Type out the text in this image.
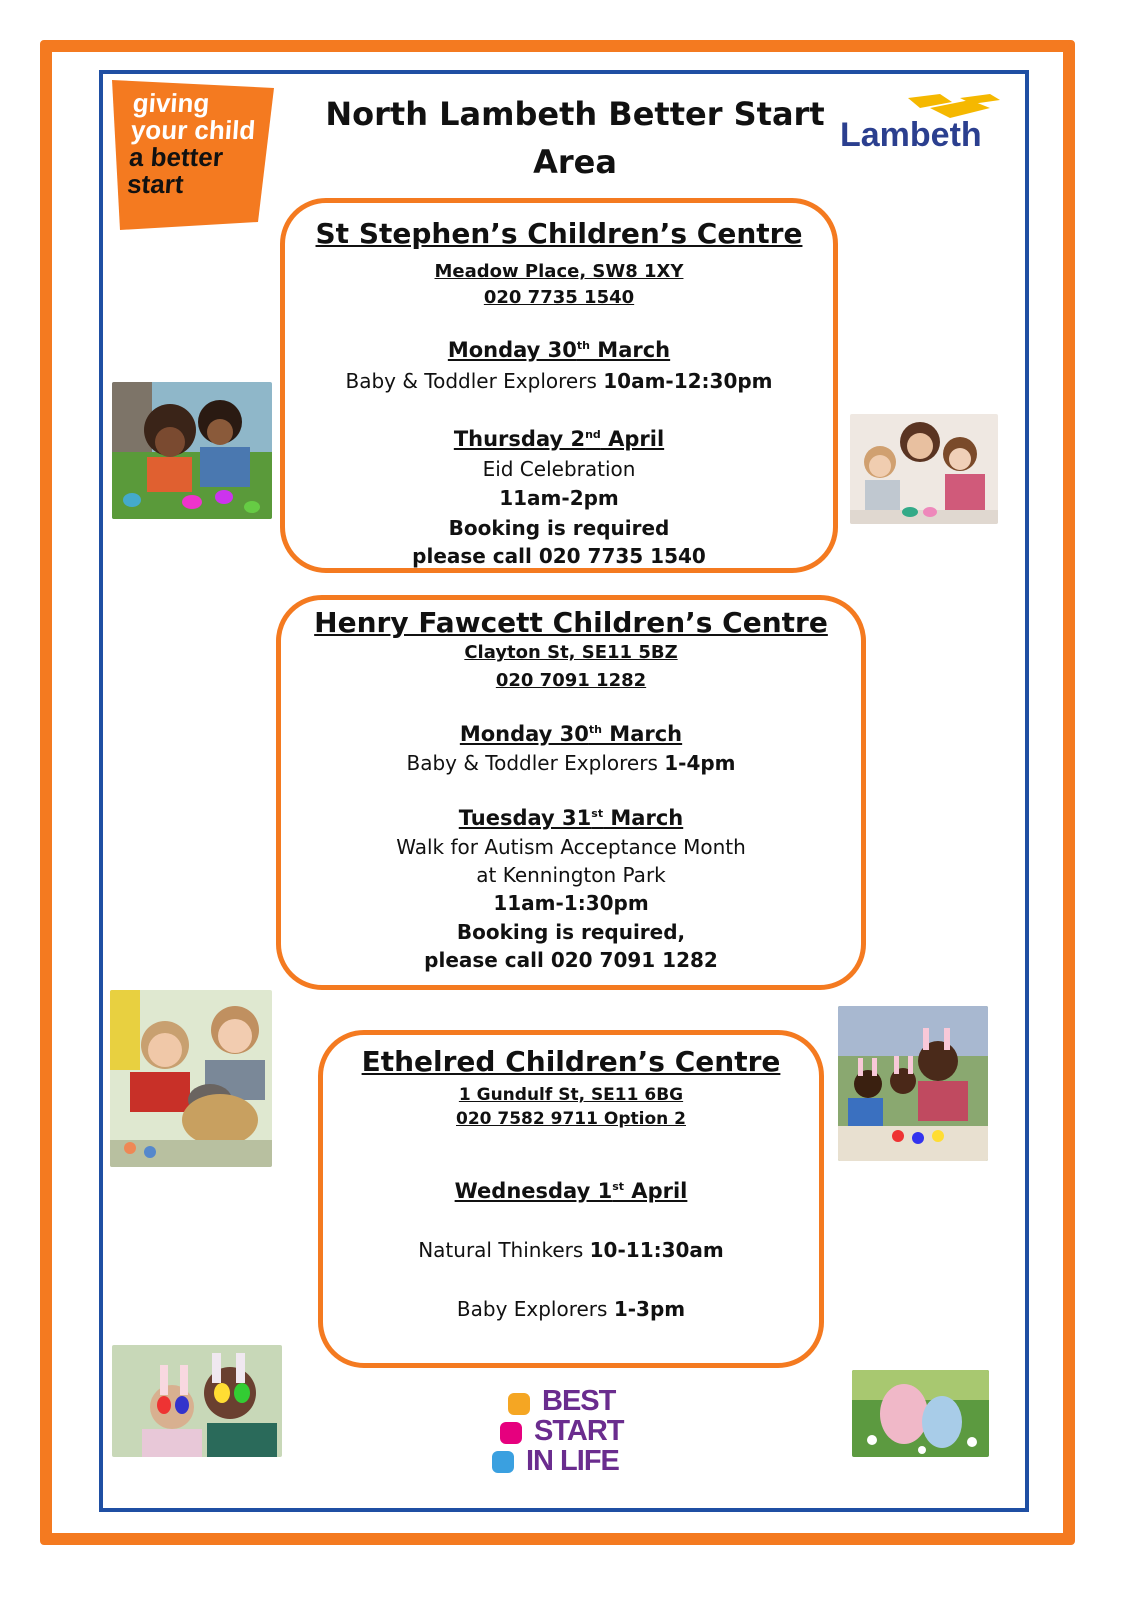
giving
your child
a better
start
North Lambeth Better Start
Area
Lambeth
St Stephen’s Children’s Centre
Meadow Place, SW8 1XY
020 7735 1540
Monday 30th March
Baby & Toddler Explorers 10am-12:30pm
Thursday 2nd April
Eid Celebration
11am-2pm
Booking is required
please call 020 7735 1540
Henry Fawcett Children’s Centre
Clayton St, SE11 5BZ
020 7091 1282
Monday 30th March
Baby & Toddler Explorers 1-4pm
Tuesday 31st March
Walk for Autism Acceptance Month
at Kennington Park
11am-1:30pm
Booking is required,
please call 020 7091 1282
Ethelred Children’s Centre
1 Gundulf St, SE11 6BG
020 7582 9711 Option 2
Wednesday 1st April
Natural Thinkers 10-11:30am
Baby Explorers 1-3pm
BEST
START
IN LIFE
